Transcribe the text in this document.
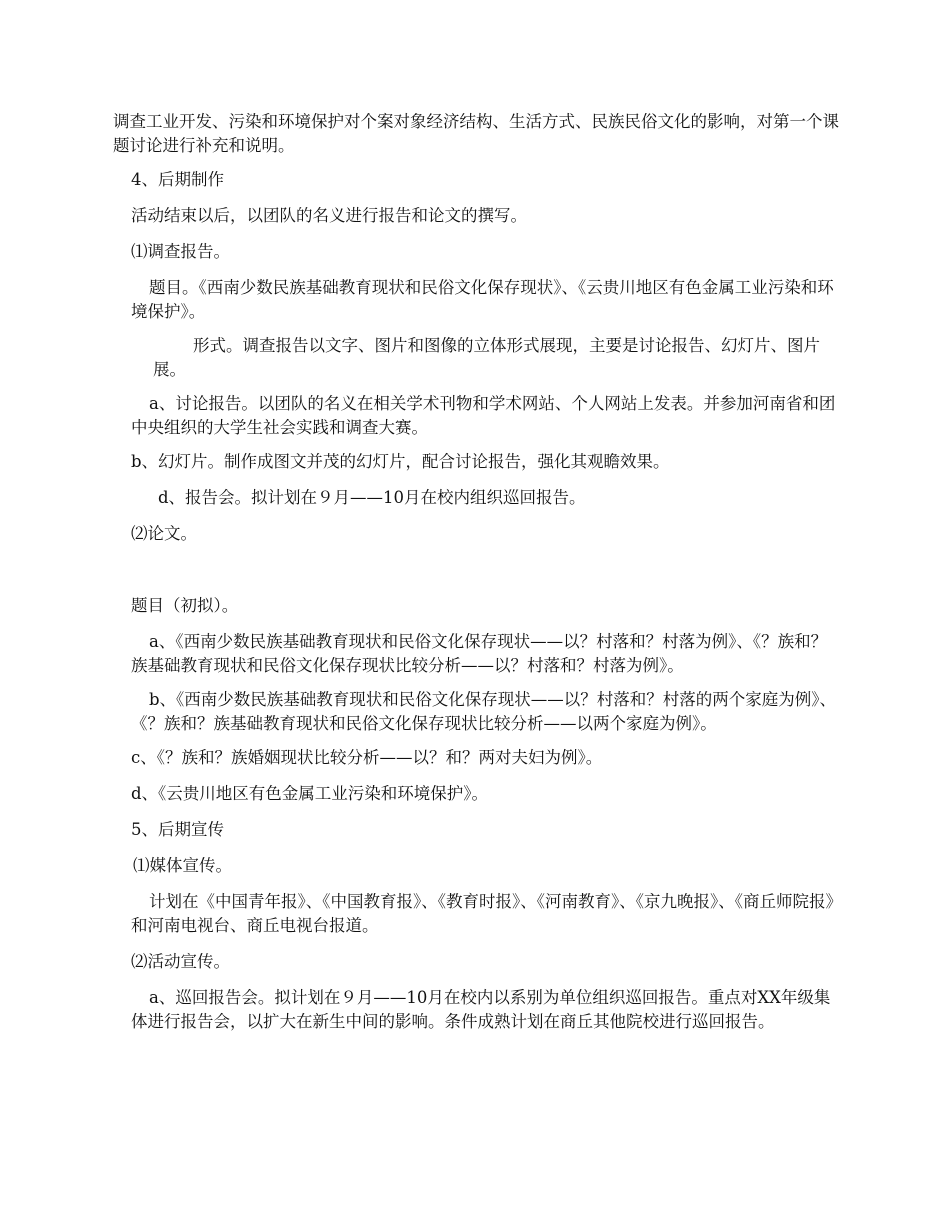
调查工业开发、污染和环境保护对个案对象经济结构、生活方式、民族民俗文化的影响，对第一个课题讨论进行补充和说明。

4、后期制作

活动结束以后，以团队的名义进行报告和论文的撰写。

⑴调查报告。

题目。《西南少数民族基础教育现状和民俗文化保存现状》、《云贵川地区有色金属工业污染和环境保护》。

形式。调查报告以文字、图片和图像的立体形式展现，主要是讨论报告、幻灯片、图片展。

a、讨论报告。以团队的名义在相关学术刊物和学术网站、个人网站上发表。并参加河南省和团中央组织的大学生社会实践和调查大赛。

b、幻灯片。制作成图文并茂的幻灯片，配合讨论报告，强化其观瞻效果。

d、报告会。拟计划在９月——10月在校内组织巡回报告。

⑵论文。

题目（初拟）。

a、《西南少数民族基础教育现状和民俗文化保存现状——以？村落和？村落为例》、《？族和？族基础教育现状和民俗文化保存现状比较分析——以？村落和？村落为例》。

b、《西南少数民族基础教育现状和民俗文化保存现状——以？村落和？村落的两个家庭为例》、《？族和？族基础教育现状和民俗文化保存现状比较分析——以两个家庭为例》。

c、《？族和？族婚姻现状比较分析——以？和？两对夫妇为例》。

d、《云贵川地区有色金属工业污染和环境保护》。

5、后期宣传

⑴媒体宣传。

计划在《中国青年报》、《中国教育报》、《教育时报》、《河南教育》、《京九晚报》、《商丘师院报》和河南电视台、商丘电视台报道。

⑵活动宣传。

a、巡回报告会。拟计划在９月——10月在校内以系别为单位组织巡回报告。重点对XX年级集体进行报告会，以扩大在新生中间的影响。条件成熟计划在商丘其他院校进行巡回报告。
